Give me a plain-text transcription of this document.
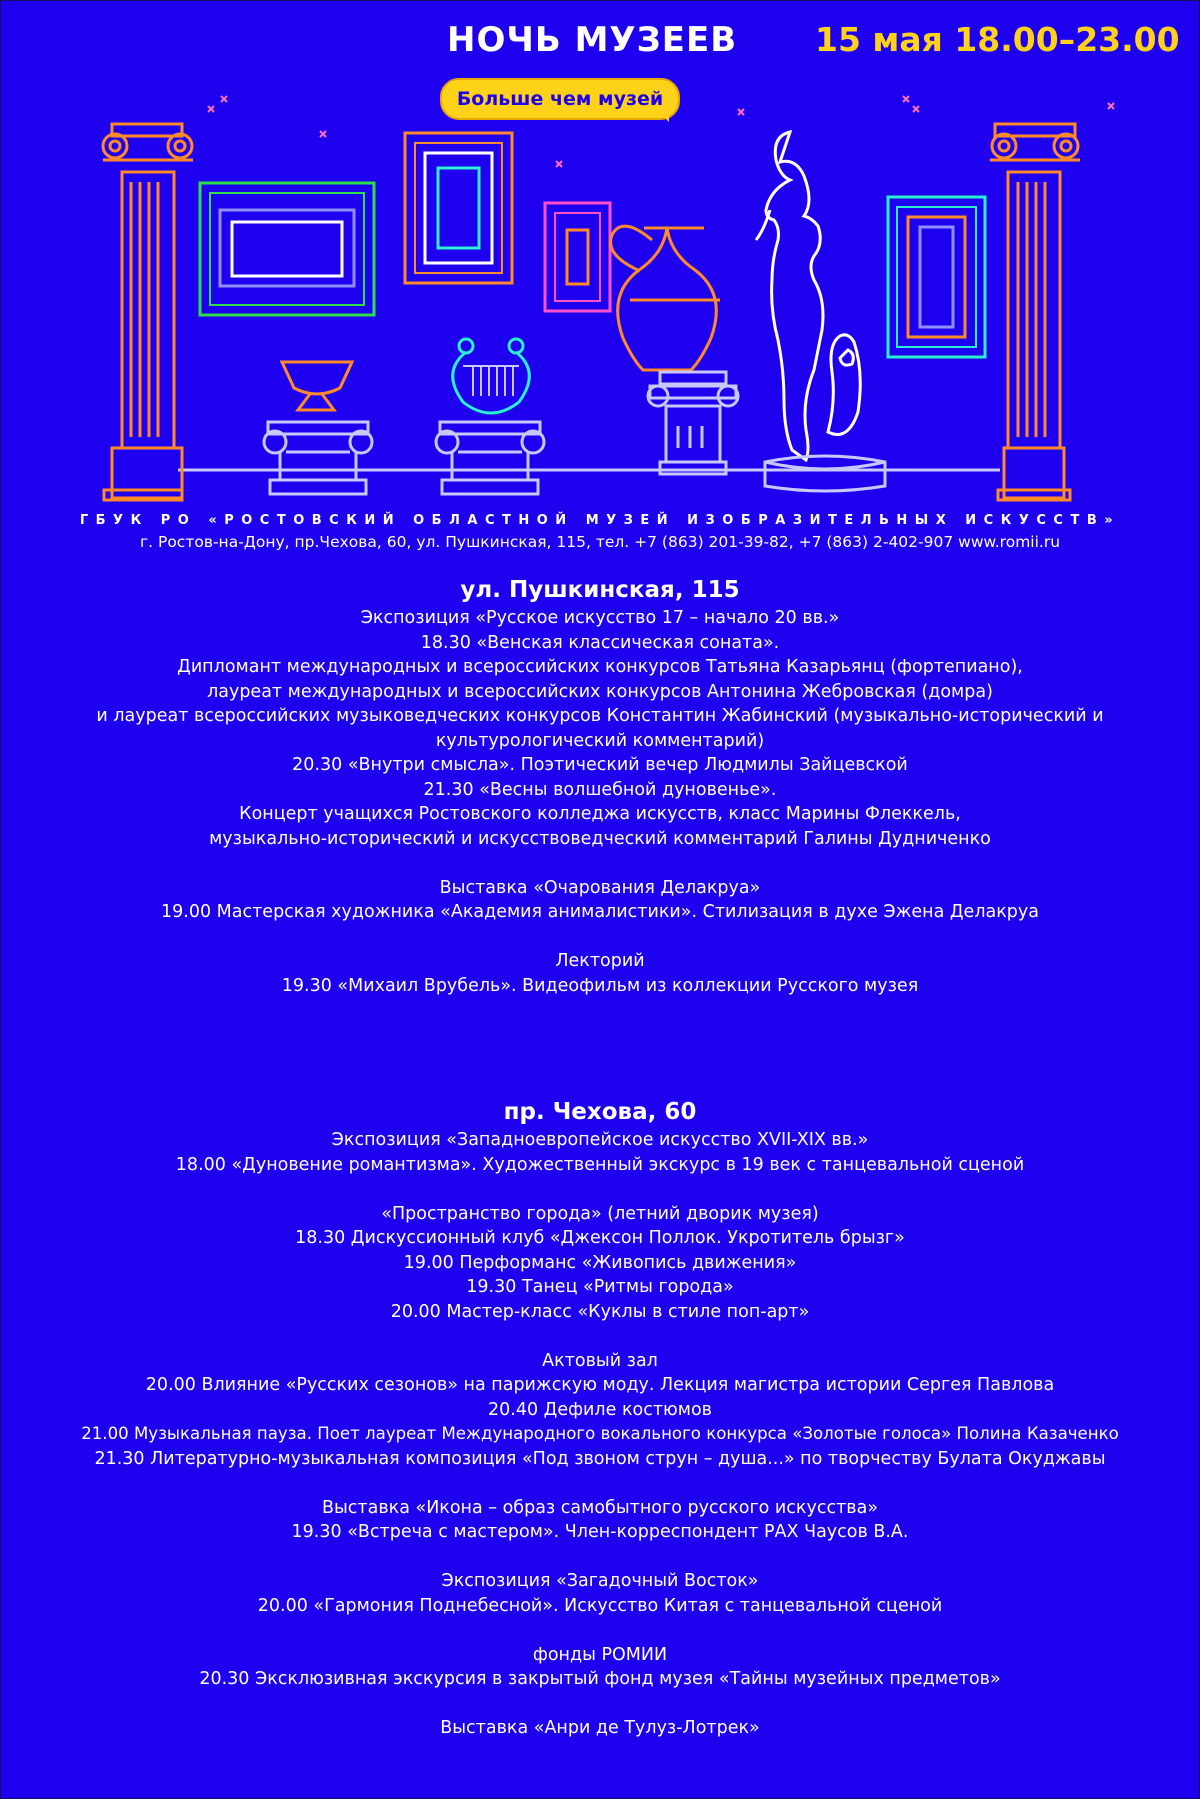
НОЧЬ МУЗЕЕВ 15 мая 18.00–23.00
Больше чем музей
ГБУК РО «РОСТОВСКИЙ ОБЛАСТНОЙ МУЗЕЙ ИЗОБРАЗИТЕЛЬНЫХ ИСКУССТВ»
г. Ростов-на-Дону, пр.Чехова, 60, ул. Пушкинская, 115, тел. +7 (863) 201-39-82, +7 (863) 2-402-907 www.romii.ru
ул. Пушкинская, 115
Экспозиция «Русское искусство 17 – начало 20 вв.»
18.30 «Венская классическая соната».
Дипломант международных и всероссийских конкурсов Татьяна Казарьянц (фортепиано),
лауреат международных и всероссийских конкурсов Антонина Жебровская (домра)
и лауреат всероссийских музыковедческих конкурсов Константин Жабинский (музыкально-исторический и
культурологический комментарий)
20.30 «Внутри смысла». Поэтический вечер Людмилы Зайцевской
21.30 «Весны волшебной дуновенье».
Концерт учащихся Ростовского колледжа искусств, класс Марины Флеккель,
музыкально-исторический и искусствоведческий комментарий Галины Дудниченко
Выставка «Очарования Делакруа»
19.00 Мастерская художника «Академия анималистики». Стилизация в духе Эжена Делакруа
Лекторий
19.30 «Михаил Врубель». Видеофильм из коллекции Русского музея
пр. Чехова, 60
Экспозиция «Западноевропейское искусство XVII-XIX вв.»
18.00 «Дуновение романтизма». Художественный экскурс в 19 век с танцевальной сценой
«Пространство города» (летний дворик музея)
18.30 Дискуссионный клуб «Джексон Поллок. Укротитель брызг»
19.00 Перформанс «Живопись движения»
19.30 Танец «Ритмы города»
20.00 Мастер-класс «Куклы в стиле поп-арт»
Актовый зал
20.00 Влияние «Русских сезонов» на парижскую моду. Лекция магистра истории Сергея Павлова
20.40 Дефиле костюмов
21.00 Музыкальная пауза. Поет лауреат Международного вокального конкурса «Золотые голоса» Полина Казаченко
21.30 Литературно-музыкальная композиция «Под звоном струн – душа...» по творчеству Булата Окуджавы
Выставка «Икона – образ самобытного русского искусства»
19.30 «Встреча с мастером». Член-корреспондент РАХ Чаусов В.А.
Экспозиция «Загадочный Восток»
20.00 «Гармония Поднебесной». Искусство Китая с танцевальной сценой
фонды РОМИИ
20.30 Эксклюзивная экскурсия в закрытый фонд музея «Тайны музейных предметов»
Выставка «Анри де Тулуз-Лотрек»
